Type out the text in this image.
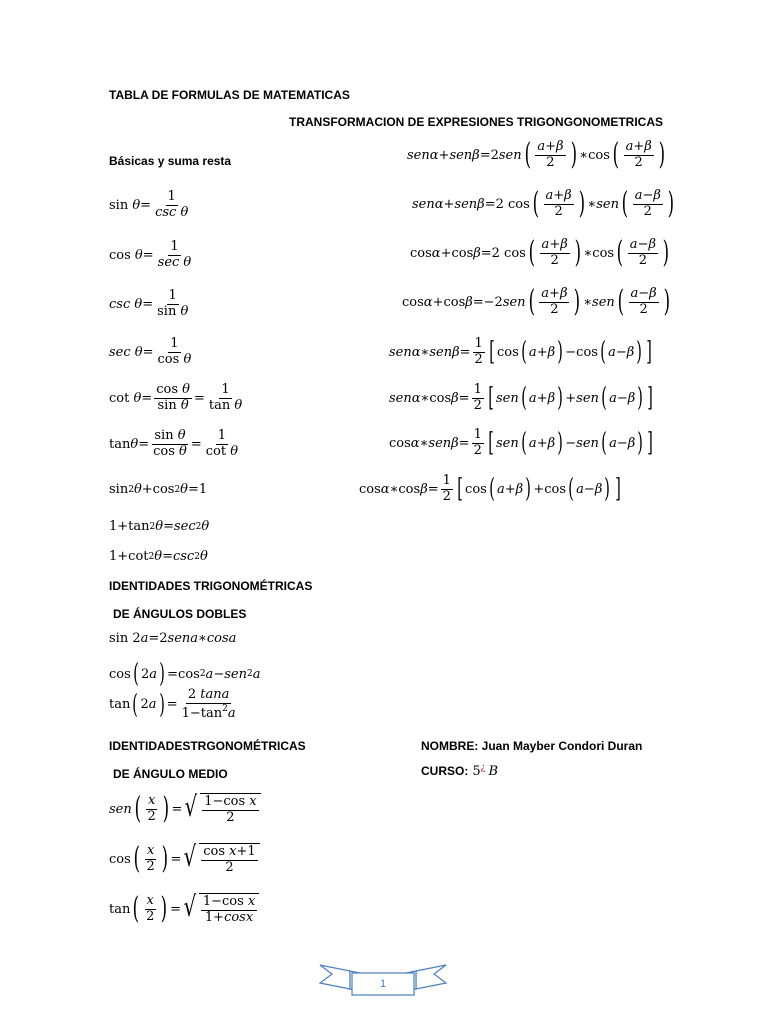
TABLA DE FORMULAS DE MATEMATICAS
TRANSFORMACION DE EXPRESIONES TRIGONGONOMETRICAS
Básicas y suma resta
$\sin \theta = \frac{1}{\text{csc θ}}$
$\cos \theta = \frac{1}{\text{sec θ}}$
$\csc \theta = \frac{1}{\text{sin θ}}$
$\sec \theta = \frac{1}{\text{cos θ}}$
$\cot \theta = \frac{\text{cos θ}}{\text{sin θ}} = \frac{1}{\text{tan θ}}$
$\tan \theta = \frac{\text{sin θ}}{\text{cos θ}} = \frac{1}{\text{cot θ}}$
sin 2 θ +cos 2 θ =1
1+tan 2 θ = sec 2 θ
1+cot 2 θ = csc 2 θ
IDENTIDADES TRIGONOMÉTRICAS
DE ÁNGULOS DOBLES
sin 2 a =2 sena ∗ cosa
cos ( 2 a ) =cos 2 a − sen 2 a
tan ( 2 a ) = $\frac{2 \tan a}{1-\tan^2a}$
IDENTIDADESTRGONOMÉTRICAS
DE ÁNGULO MEDIO
sen ( $\frac{x}{2}$ ) = √ $\frac{\text{1−cos x}}{2}$
cos ( $\frac{x}{2}$ ) = √ $\frac{\text{cos x+1}}{2}$
tan ( $\frac{x}{2}$ ) = √ $\frac{\text{1−cos x}}{1+\cos x}$
senα + senβ =2 sen ( $\frac{a+\beta}{2}$ ) ∗cos ( $\frac{a+\beta}{2}$ )
senα + senβ =2 cos ( $\frac{a+\beta}{2}$ ) ∗ sen ( $\frac{a-\beta}{2}$ )
cos α +cos β =2 cos ( $\frac{a+\beta}{2}$ ) ∗cos ( $\frac{a-\beta}{2}$ )
cos α +cos β =−2 sen ( $\frac{a+\beta}{2}$ ) ∗ sen ( $\frac{a-\beta}{2}$ )
senα ∗ $sen\beta = \frac{1}{2}$ [ cos ( a + β ) −cos ( a − β ) ]
senα ∗cos $\beta = \frac{1}{2}$ [ sen ( a + β ) + sen ( a − β ) ]
cos α ∗ $sen\beta = \frac{1}{2}$ [ sen ( a + β ) − sen ( a − β ) ]
cos α ∗cos $\beta = \frac{1}{2}$ [ cos ( a + β ) +cos ( a − β ) ]
NOMBRE: Juan Mayber Condori Duran
CURSO: 5 ¿ B
1
